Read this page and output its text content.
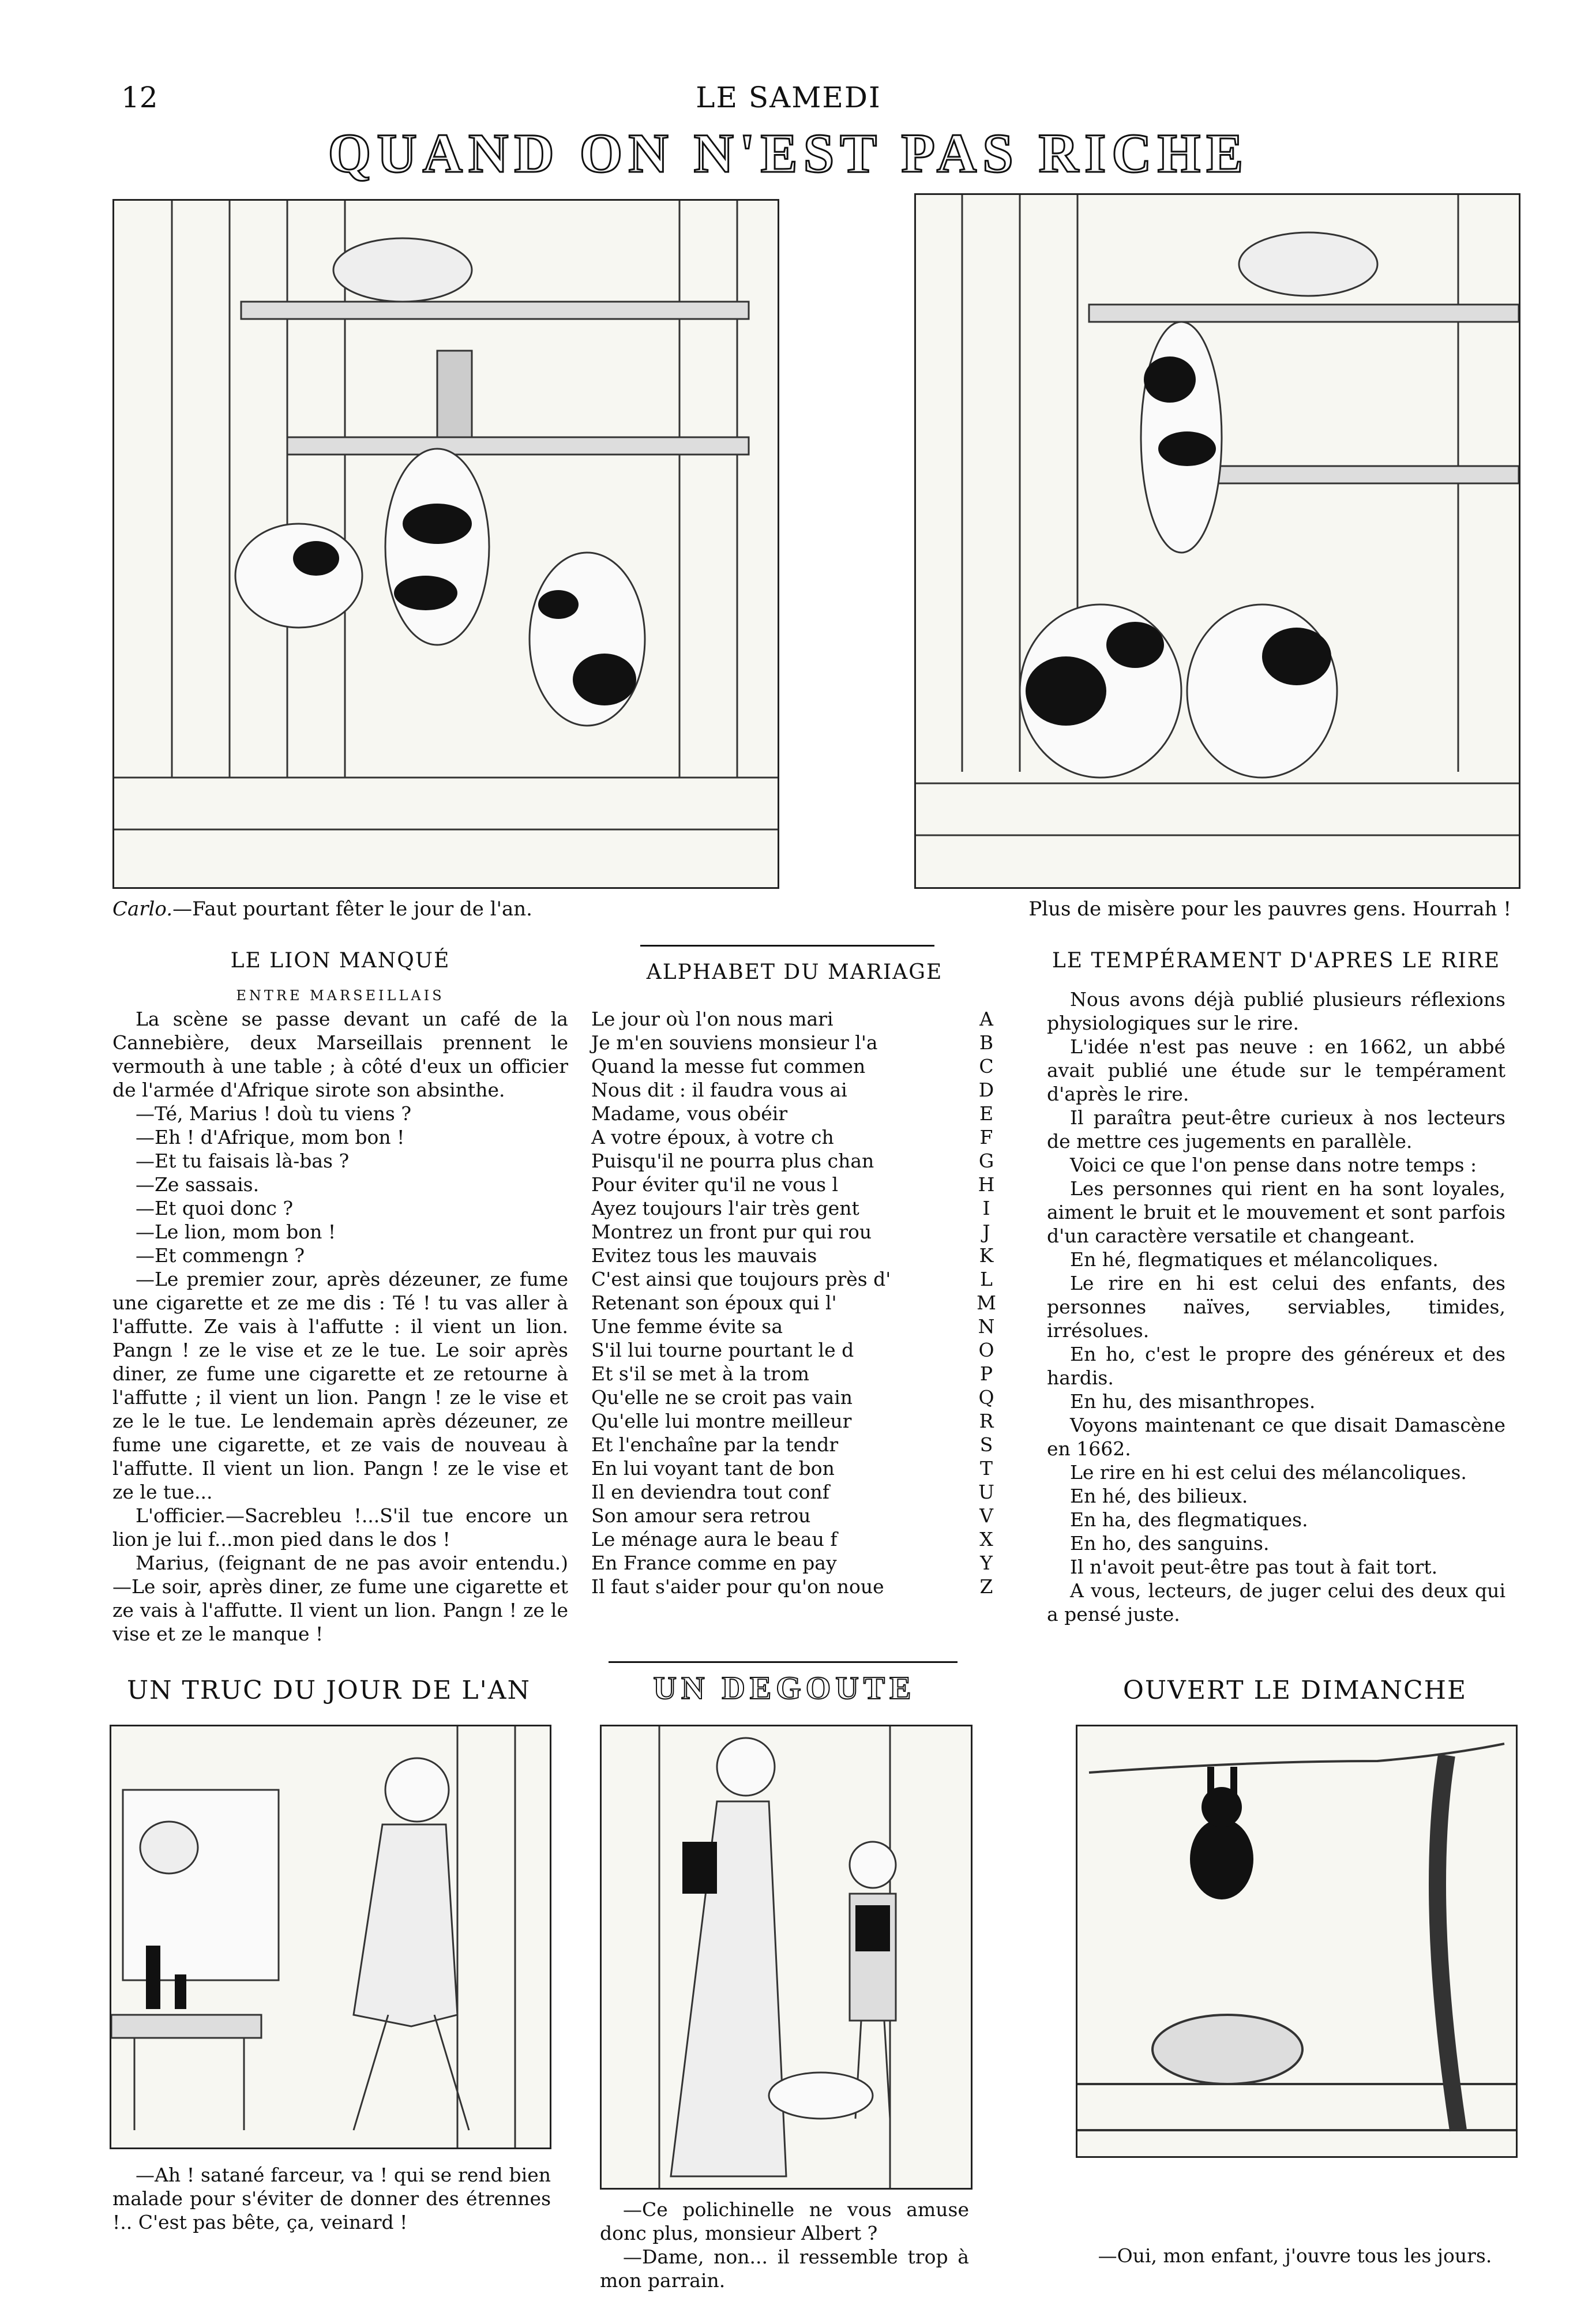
12	LE SAMEDI
QUAND ON N'EST PAS RICHE
Carlo.—Faut pourtant fêter le jour de l'an.	Plus de misère pour les pauvres gens. Hourrah !
LE LION MANQUÉ
ENTRE MARSEILLAIS

La scène se passe devant un café de la Cannebière, deux Marseillais prennent le vermouth à une table ; à côté d'eux un officier de l'armée d'Afrique sirote son absinthe.

—Té, Marius ! doù tu viens ?

—Eh ! d'Afrique, mom bon !

—Et tu faisais là-bas ?

—Ze sassais.

—Et quoi donc ?

—Le lion, mom bon !

—Et commengn ?

—Le premier zour, après dézeuner, ze fume une cigarette et ze me dis : Té ! tu vas aller à l'affutte. Ze vais à l'affutte : il vient un lion. Pangn ! ze le vise et ze le tue. Le soir après diner, ze fume une cigarette et ze retourne à l'affutte ; il vient un lion. Pangn ! ze le vise et ze le le tue. Le lendemain après dézeuner, ze fume une cigarette, et ze vais de nouveau à l'affutte. Il vient un lion. Pangn ! ze le vise et ze le tue...

L'officier.—Sacrebleu !...S'il tue encore un lion je lui f...mon pied dans le dos !

Marius, (feignant de ne pas avoir entendu.)—Le soir, après diner, ze fume une cigarette et ze vais à l'affutte. Il vient un lion. Pangn ! ze le vise et ze le manque !

ALPHABET DU MARIAGE
Le jour où l'on nous mari	A
Je m'en souviens monsieur l'a	B
Quand la messe fut commen	C
Nous dit : il faudra vous ai	D
Madame, vous obéir	E
A votre époux, à votre ch	F
Puisqu'il ne pourra plus chan	G
Pour éviter qu'il ne vous l	H
Ayez toujours l'air très gent	I
Montrez un front pur qui rou	J
Evitez tous les mauvais	K
C'est ainsi que toujours près d'	L
Retenant son époux qui l'	M
Une femme évite sa	N
S'il lui tourne pourtant le d	O
Et s'il se met à la trom	P
Qu'elle ne se croit pas vain	Q
Qu'elle lui montre meilleur	R
Et l'enchaîne par la tendr	S
En lui voyant tant de bon	T
Il en deviendra tout conf	U
Son amour sera retrou	V
Le ménage aura le beau f	X
En France comme en pay	Y
Il faut s'aider pour qu'on noue	Z
LE TEMPÉRAMENT D'APRES LE RIRE

Nous avons déjà publié plusieurs réflexions physiologiques sur le rire.

L'idée n'est pas neuve : en 1662, un abbé avait publié une étude sur le tempérament d'après le rire.

Il paraîtra peut-être curieux à nos lecteurs de mettre ces jugements en parallèle.

Voici ce que l'on pense dans notre temps :

Les personnes qui rient en ha sont loyales, aiment le bruit et le mouvement et sont parfois d'un caractère versatile et changeant.

En hé, flegmatiques et mélancoliques.

Le rire en hi est celui des enfants, des personnes naïves, serviables, timides, irrésolues.

En ho, c'est le propre des généreux et des hardis.

En hu, des misanthropes.

Voyons maintenant ce que disait Damascène en 1662.

Le rire en hi est celui des mélancoliques.

En hé, des bilieux.

En ha, des flegmatiques.

En ho, des sanguins.

Il n'avoit peut-être pas tout à fait tort.

A vous, lecteurs, de juger celui des deux qui a pensé juste.

UN TRUC DU JOUR DE L'AN	UN DEGOUTE	OUVERT LE DIMANCHE

—Ah ! satané farceur, va ! qui se rend bien malade pour s'éviter de donner des étrennes !.. C'est pas bête, ça, veinard !

—Ce polichinelle ne vous amuse donc plus, monsieur Albert ?

—Dame, non... il ressemble trop à mon parrain.

—Oui, mon enfant, j'ouvre tous les jours.
